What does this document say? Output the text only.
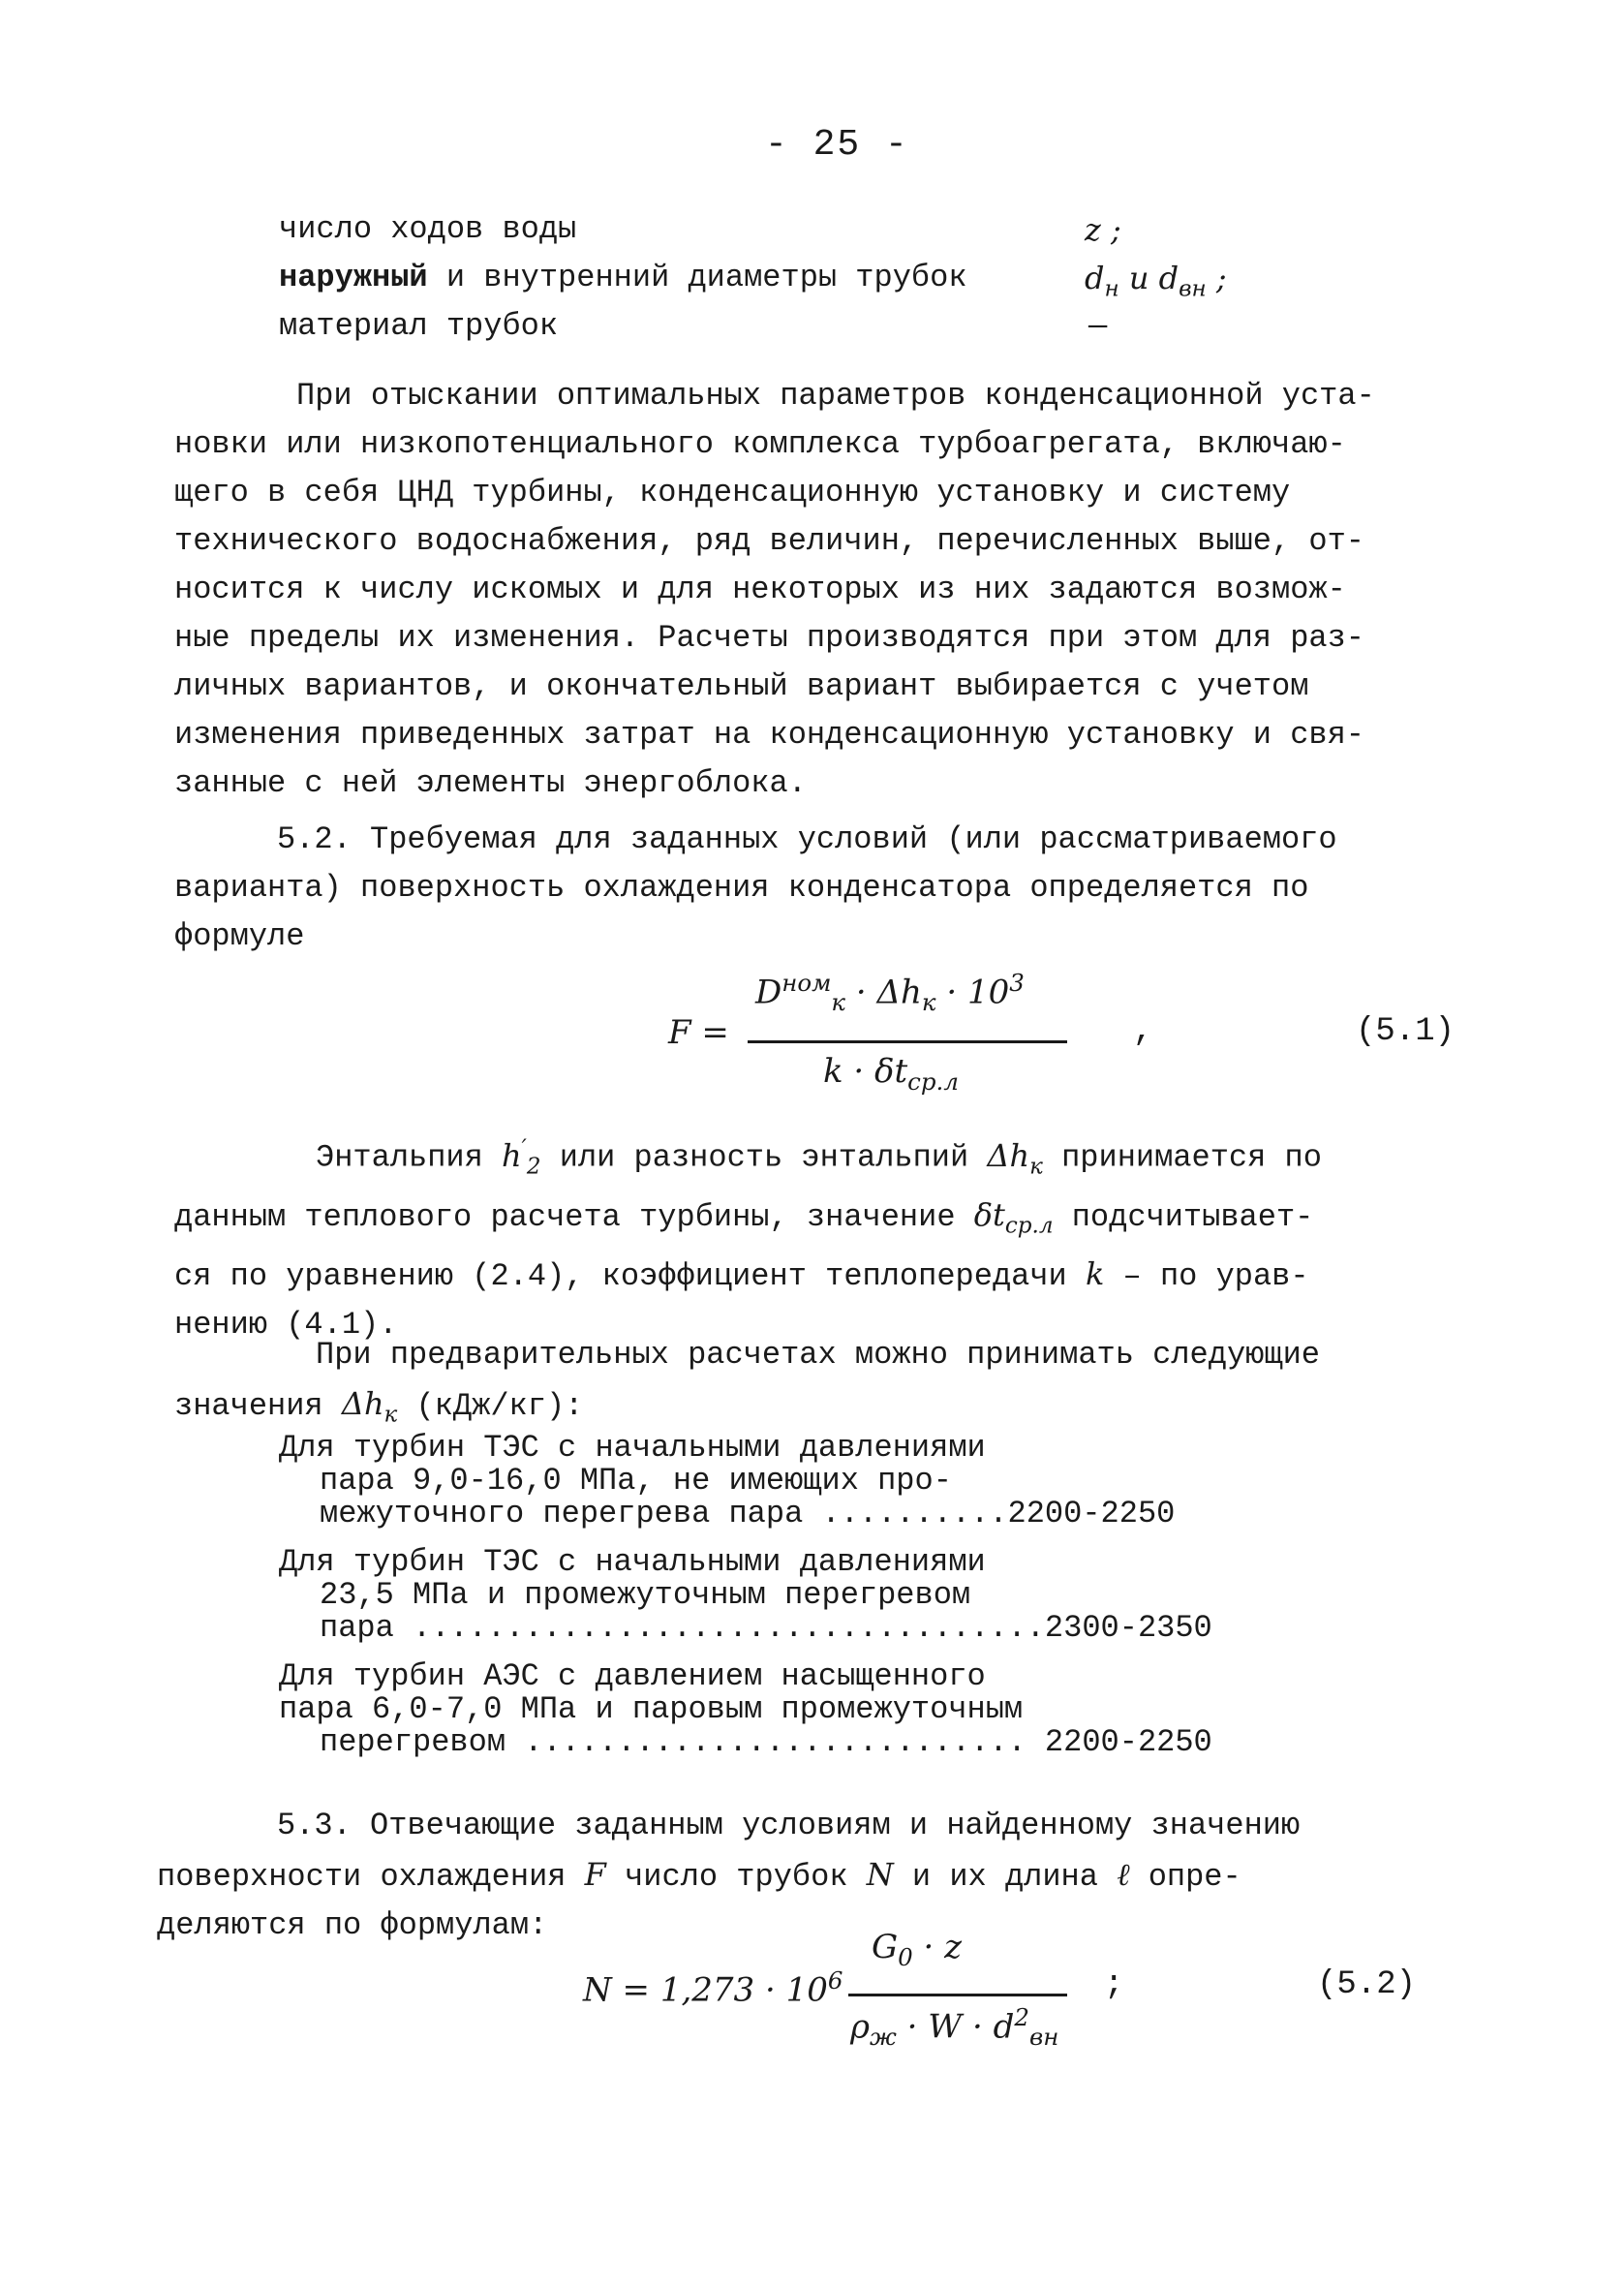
- 25 -
число ходов воды	z ;
наружный и внутренний диаметры трубок	$d_н$ и $d_{вн}$ ;
материал трубок	—
При отыскании оптимальных параметров конденсационной уста-
новки или низкопотенциального комплекса турбоагрегата, включаю-
щего в себя ЦНД турбины, конденсационную установку и систему
технического водоснабжения, ряд величин, перечисленных выше, от-
носится к числу искомых и для некоторых из них задаются возмож-
ные пределы их изменения. Расчеты производятся при этом для раз-
личных вариантов, и окончательный вариант выбирается с учетом
изменения приведенных затрат на конденсационную установку и свя-
занные с ней элементы энергоблока.
5.2. Требуемая для заданных условий (или рассматриваемого
варианта) поверхность охлаждения конденсатора определяется по
формуле
F =
$D^{ном}_к \cdot \Delta h_к \cdot 10^3$
$k \cdot \delta t_{ср.л}$
,	(5.1)
Энтальпия $h'_2$ или разность энтальпий $\Delta h_к$ принимается по
данным теплового расчета турбины, значение $\delta t_{ср.л}$ подсчитывает-
ся по уравнению (2.4), коэффициент теплопередачи k – по урав-
нению (4.1).
При предварительных расчетах можно принимать следующие
значения $\Delta h_к$ (кДж/кг):
Для турбин ТЭС с начальными давлениями
пара 9,0-16,0 МПа, не имеющих про-
межуточного перегрева пара ..........2200-2250
Для турбин ТЭС с начальными давлениями
23,5 МПа и промежуточным перегревом
пара ..................................2300-2350
Для турбин АЭС с давлением насыщенного
пара 6,0-7,0 МПа и паровым промежуточным
перегревом ........................... 2200-2250
5.3. Отвечающие заданным условиям и найденному значению
поверхности охлаждения F число трубок N и их длина ℓ опре-
деляются по формулам:
$N = 1,273 \cdot 10^6$
$G_0 \cdot z$
$\rho_ж \cdot W \cdot d^2_{вн}$
;	(5.2)
